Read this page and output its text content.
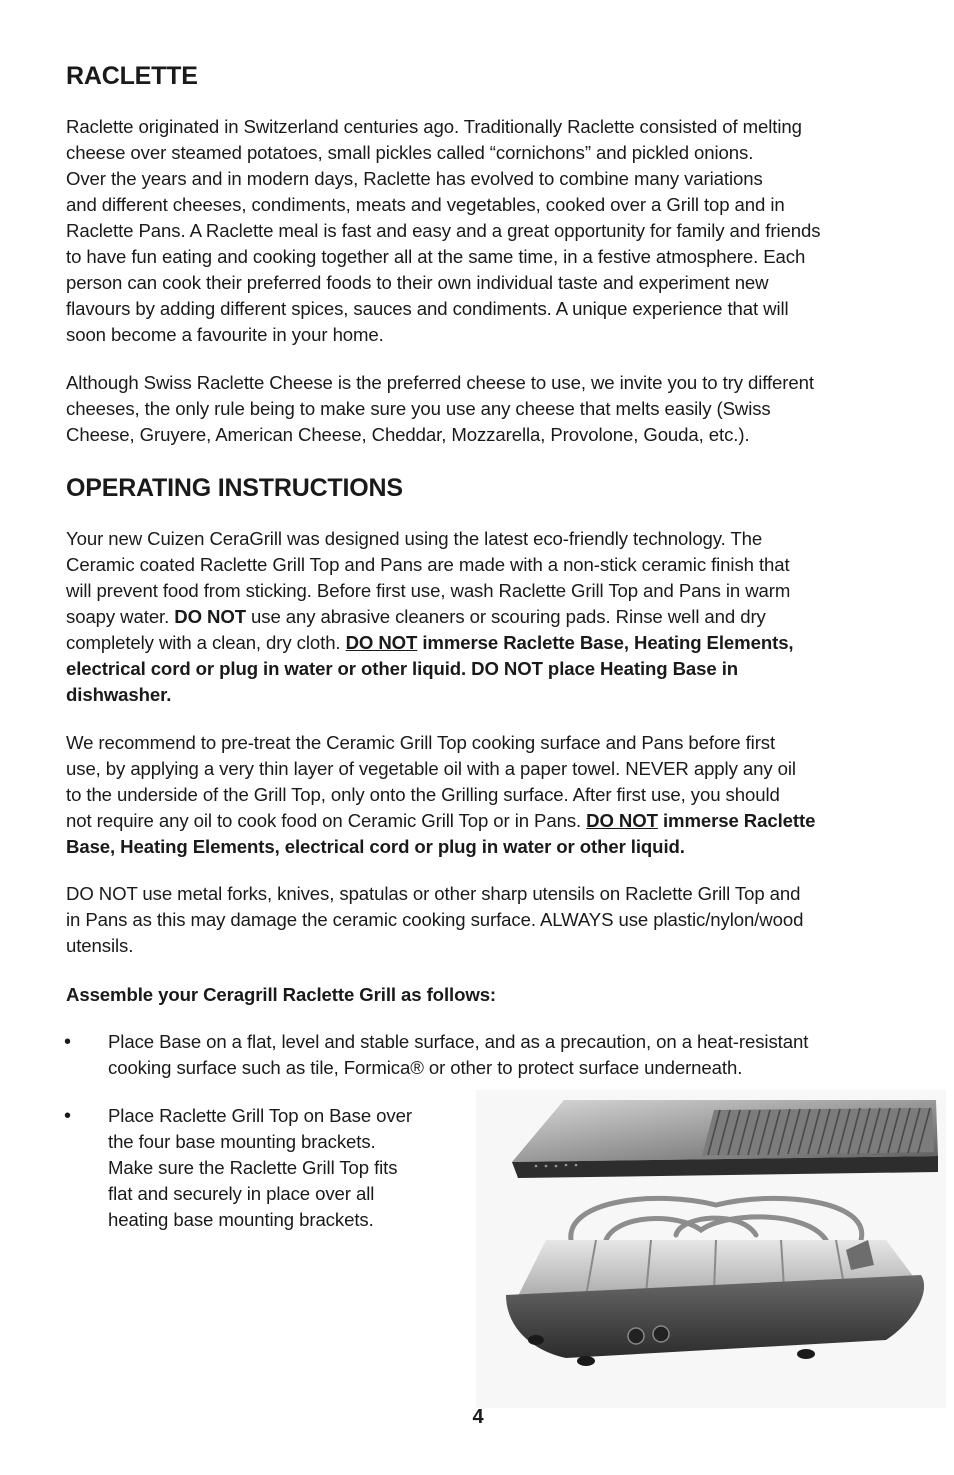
RACLETTE

Raclette originated in Switzerland centuries ago. Traditionally Raclette consisted of melting
cheese over steamed potatoes, small pickles called “cornichons” and pickled onions.
Over the years and in modern days, Raclette has evolved to combine many variations
and different cheeses, condiments, meats and vegetables, cooked over a Grill top and in
Raclette Pans. A Raclette meal is fast and easy and a great opportunity for family and friends
to have fun eating and cooking together all at the same time, in a festive atmosphere. Each
person can cook their preferred foods to their own individual taste and experiment new
flavours by adding different spices, sauces and condiments. A unique experience that will
soon become a favourite in your home.

Although Swiss Raclette Cheese is the preferred cheese to use, we invite you to try different
cheeses, the only rule being to make sure you use any cheese that melts easily (Swiss
Cheese, Gruyere, American Cheese, Cheddar, Mozzarella, Provolone, Gouda, etc.).

OPERATING INSTRUCTIONS

Your new Cuizen CeraGrill was designed using the latest eco-friendly technology. The
Ceramic coated Raclette Grill Top and Pans are made with a non-stick ceramic finish that
will prevent food from sticking. Before first use, wash Raclette Grill Top and Pans in warm
soapy water. DO NOT use any abrasive cleaners or scouring pads. Rinse well and dry
completely with a clean, dry cloth. DO NOT immerse Raclette Base, Heating Elements,
electrical cord or plug in water or other liquid. DO NOT place Heating Base in
dishwasher.

We recommend to pre-treat the Ceramic Grill Top cooking surface and Pans before first
use, by applying a very thin layer of vegetable oil with a paper towel. NEVER apply any oil
to the underside of the Grill Top, only onto the Grilling surface. After first use, you should
not require any oil to cook food on Ceramic Grill Top or in Pans. DO NOT immerse Raclette
Base, Heating Elements, electrical cord or plug in water or other liquid.

DO NOT use metal forks, knives, spatulas or other sharp utensils on Raclette Grill Top and
in Pans as this may damage the ceramic cooking surface. ALWAYS use plastic/nylon/wood
utensils.

Assemble your Ceragrill Raclette Grill as follows:

• Place Base on a flat, level and stable surface, and as a precaution, on a heat-resistant
cooking surface such as tile, Formica® or other to protect surface underneath.
• Place Raclette Grill Top on Base over
the four base mounting brackets.
Make sure the Raclette Grill Top fits
flat and securely in place over all
heating base mounting brackets.
4
